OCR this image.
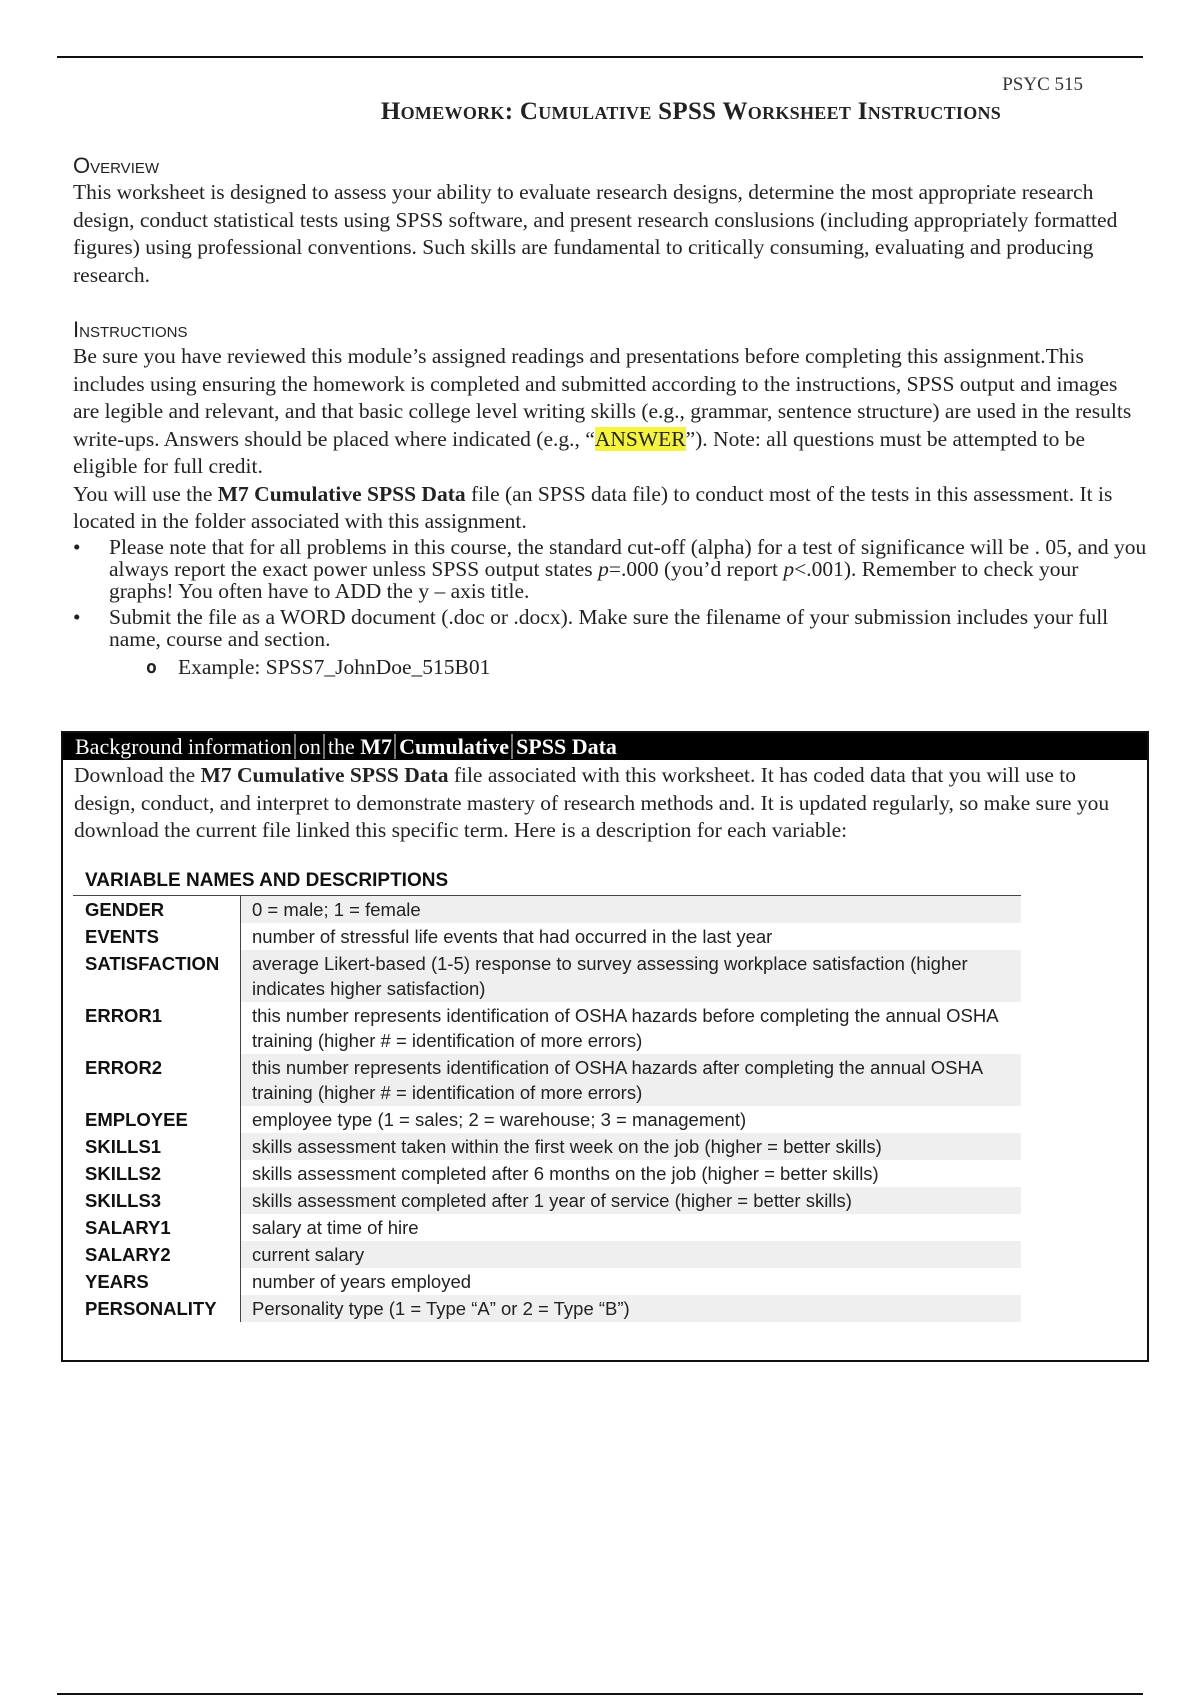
PSYC 515
Homework: Cumulative SPSS Worksheet Instructions
Overview

This worksheet is designed to assess your ability to evaluate research designs, determine the most appropriate research design, conduct statistical tests using SPSS software, and present research conslusions (including appropriately formatted figures) using professional conventions. Such skills are fundamental to critically consuming, evaluating and producing research.

Instructions

Be sure you have reviewed this module’s assigned readings and presentations before completing this assignment.This includes using ensuring the homework is completed and submitted according to the instructions, SPSS output and images are legible and relevant, and that basic college level writing skills (e.g., grammar, sentence structure) are used in the results write-ups. Answers should be placed where indicated (e.g., “ANSWER”). Note: all questions must be attempted to be eligible for full credit.

You will use the M7 Cumulative SPSS Data file (an SPSS data file) to conduct most of the tests in this assessment. It is located in the folder associated with this assignment.

• Please note that for all problems in this course, the standard cut-off (alpha) for a test of significance will be . 05, and you always report the exact power unless SPSS output states p=.000 (you’d report p<.001). Remember to check your graphs! You often have to ADD the y – axis title.
• Submit the file as a WORD document (.doc or .docx). Make sure the filename of your submission includes your full name, course and section.
o Example: SPSS7_JohnDoe_515B01
Background information on the M7 Cumulative SPSS Data
Download the M7 Cumulative SPSS Data file associated with this worksheet. It has coded data that you will use to design, conduct, and interpret to demonstrate mastery of research methods and. It is updated regularly, so make sure you download the current file linked this specific term. Here is a description for each variable:
VARIABLE NAMES AND DESCRIPTIONS
GENDER	0 = male; 1 = female
EVENTS	number of stressful life events that had occurred in the last year
SATISFACTION	average Likert-based (1-5) response to survey assessing workplace satisfaction (higher indicates higher satisfaction)
ERROR1	this number represents identification of OSHA hazards before completing the annual OSHA training (higher # = identification of more errors)
ERROR2	this number represents identification of OSHA hazards after completing the annual OSHA training (higher # = identification of more errors)
EMPLOYEE	employee type (1 = sales; 2 = warehouse; 3 = management)
SKILLS1	skills assessment taken within the first week on the job (higher = better skills)
SKILLS2	skills assessment completed after 6 months on the job (higher = better skills)
SKILLS3	skills assessment completed after 1 year of service (higher = better skills)
SALARY1	salary at time of hire
SALARY2	current salary
YEARS	number of years employed
PERSONALITY	Personality type (1 = Type “A” or 2 = Type “B”)
